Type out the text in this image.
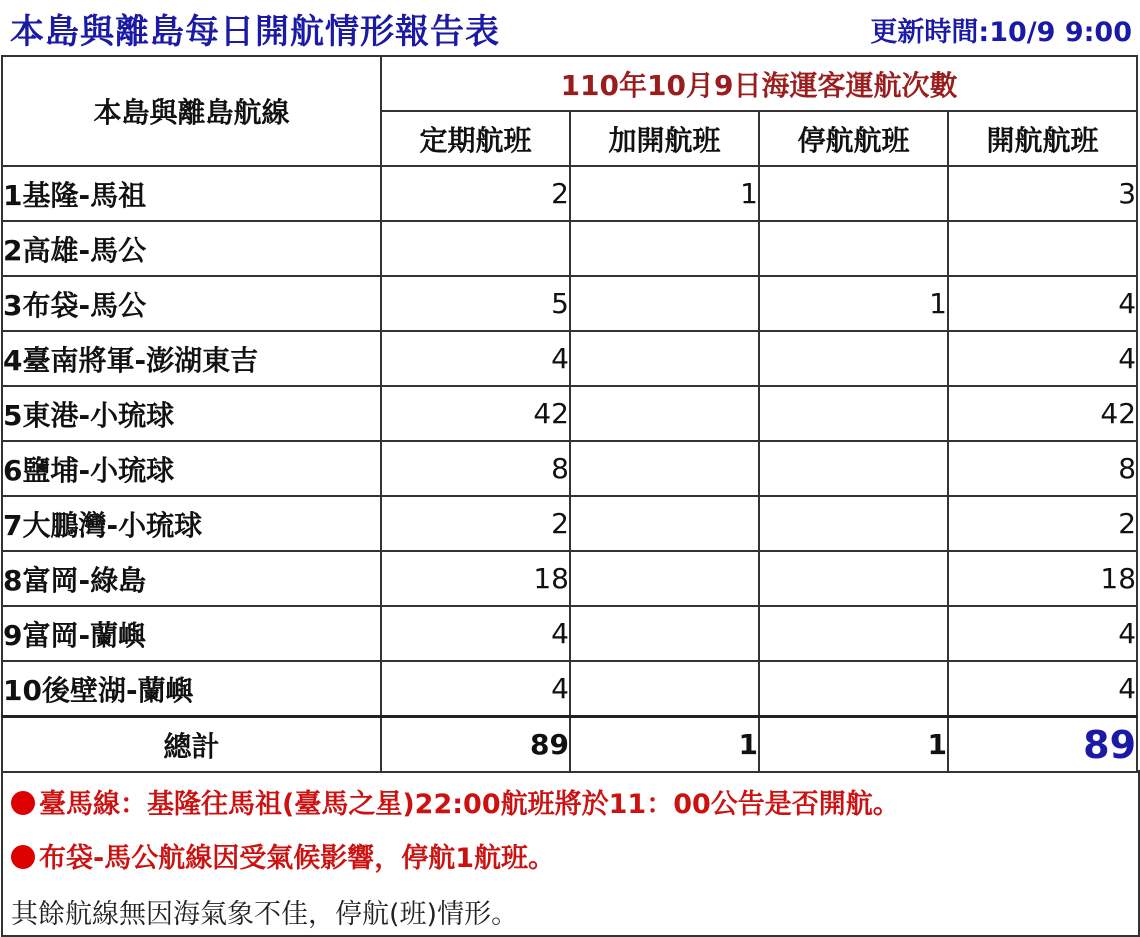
本島與離島每日開航情形報告表	更新時間:10/9 9:00
本島與離島航線	110年10月9日海運客運航次數			
	定期航班	加開航班	停航航班	開航航班
1基隆-馬祖	2	1		3
2高雄-馬公				
3布袋-馬公	5		1	4
4臺南將軍-澎湖東吉	4			4
5東港-小琉球	42			42
6鹽埔-小琉球	8			8
7大鵬灣-小琉球	2			2
8富岡-綠島	18			18
9富岡-蘭嶼	4			4
10後壁湖-蘭嶼	4			4
總計	89	1	1	89
臺馬線：基隆往馬祖(臺馬之星)22:00航班將於11：00公告是否開航。
布袋-馬公航線因受氣候影響，停航1航班。
其餘航線無因海氣象不佳，停航(班)情形。
